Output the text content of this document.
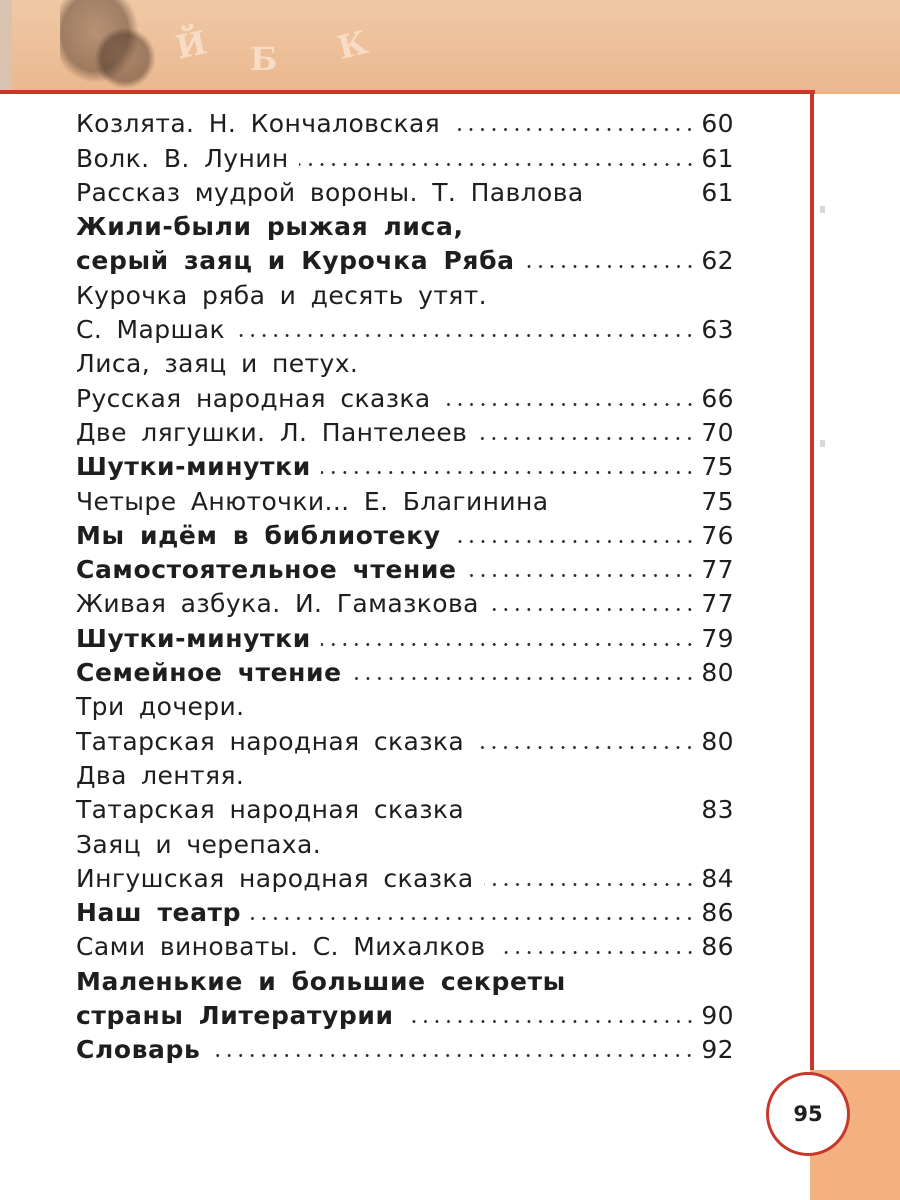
Й Б К
Козлята. Н. Кончаловская	60
Волк. В. Лунин	61
Рассказ мудрой вороны. Т. Павлова	61
Жили-были рыжая лиса,
серый заяц и Курочка Ряба	62
Курочка ряба и десять утят.
С. Маршак	63
Лиса, заяц и петух.
Русская народная сказка	66
Две лягушки. Л. Пантелеев	70
Шутки-минутки	75
Четыре Анюточки... Е. Благинина	75
Мы идём в библиотеку	76
Самостоятельное чтение	77
Живая азбука. И. Гамазкова	77
Шутки-минутки	79
Семейное чтение	80
Три дочери.
Татарская народная сказка	80
Два лентяя.
Татарская народная сказка	83
Заяц и черепаха.
Ингушская народная сказка	84
Наш театр	86
Сами виноваты. С. Михалков	86
Маленькие и большие секреты
страны Литературии	90
Словарь	92
95
